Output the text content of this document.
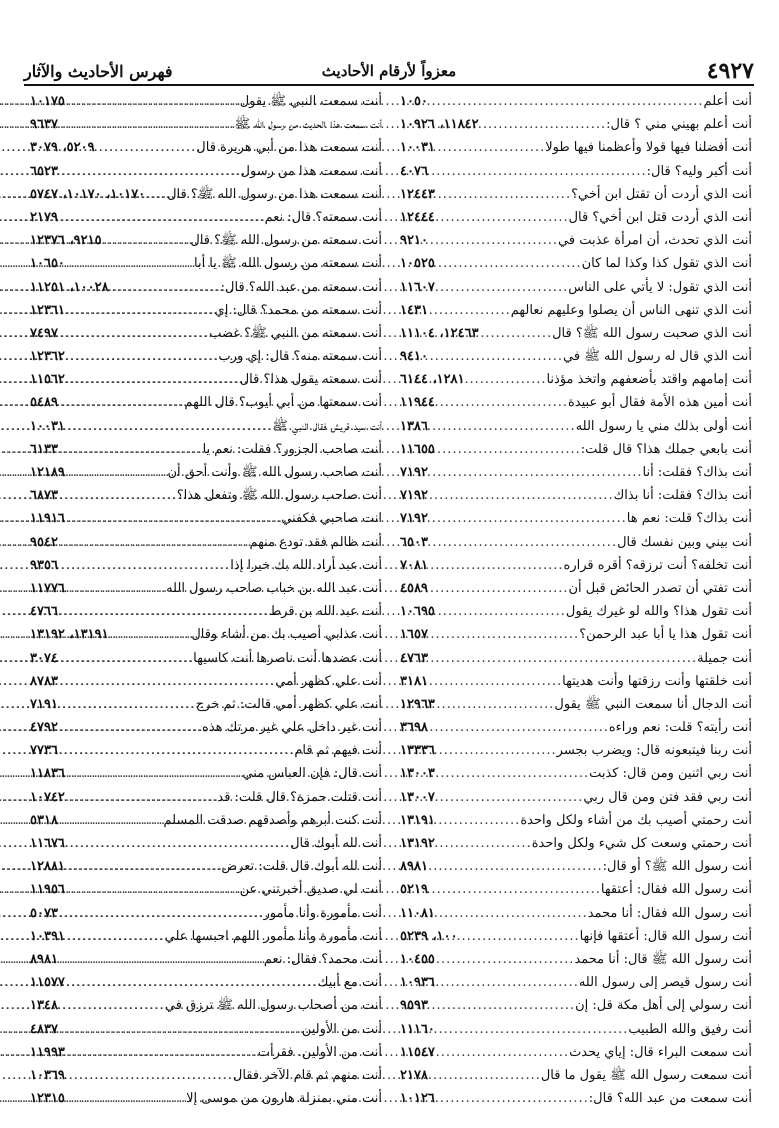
٤٩٢٧
معزواً لأرقام الأحاديث
فهرس الأحاديث والآثار
أنت أعلم
.....
١٠٥٠
أنت أعلم بهيني مني ؟ قال:
.....
١١٨٤٢، ١٠٩٢٦
أنت أفضلنا فيها قولا وأعظمنا فيها طولا
.....
١٠٠٣١
أنت أكبر وليه؟ قال:
.....
٤٠٧٦
أنت الذي أردت أن تقتل ابن أخي؟
.....
١٢٤٤٣
أنت الذي أردت قتل ابن أخي؟ قال
.....
١٢٤٤٤
أنت الذي تحدث، أن امرأة عذبت في
.....
٩٢١٠
أنت الذي تقول كذا وكذا لما كان
.....
١٠٥٢٥
أنت الذي تقول: لا يأتي على الناس
.....
١١٦٠٧
أنت الذي تنهى الناس أن يصلوا وعليهم نعالهم
.....
١٤٣١
أنت الذي صحبت رسول الله ﷺ؟ قال
.....
١٢٤٦٣، ١١١٠٤
أنت الذي قال له رسول الله ﷺ في
.....
٩٤١٠
أنت إمامهم واقتد بأضعفهم واتخذ مؤذنا
.....
١٢٨١، ٦١٤٤
أنت أمين هذه الأمة فقال أبو عبيدة
.....
١١٩٤٤
أنت أولى بذلك مني يا رسول الله
.....
١٣٨٦
أنت بابعي جملك هذا؟ قال قلت:
.....
١١٦٥٥
أنت بذاك؟ فقلت: أنا
.....
٧١٩٢
أنت بذاك؟ فقلت: أنا بذاك
.....
٧١٩٢
أنت بذاك؟ قلت: نعم ها
.....
٧١٩٢
أنت بيني وبين نفسك قال
.....
٦٥٠٣
أنت تخلفه؟ أنت ترزقه؟ أقره قراره
.....
٧٠٨١
أنت تفتي أن تصدر الحائض قبل أن
.....
٤٥٨٩
أنت تقول هذا؟ والله لو غيرك يقول
.....
١٠٦٩٥
أنت تقول هذا يا أبا عبد الرحمن؟
.....
١٦٥٧
أنت جميلة
.....
٤٧٦٣
أنت خلقتها وأنت رزقتها وأنت هديتها
.....
٣١٨١
أنت الدجال أنا سمعت النبي ﷺ يقول
.....
١٢٩٦٣
أنت رأيته؟ قلت: نعم وراءه
.....
٣٦٩٨
أنت ربنا فيتبعونه قال: ويضرب بجسر
.....
١٣٣٣٦
أنت ربي اثنين ومن قال: كذبت
.....
١٣٠٠٣
أنت ربي فقد فتن ومن قال ربي
.....
١٣٠٠٧
أنت رحمتي أصيب بك من أشاء ولكل واحدة
.....
١٣١٩١
أنت رحمتي وسعت كل شيء ولكل واحدة
.....
١٣١٩٢
أنت رسول الله ﷺ؟ أو قال:
.....
٨٩٨١
أنت رسول الله فقال: أعتقها
.....
٥٢١٩
أنت رسول الله فقال: أنا محمد
.....
١١٠٨١
أنت رسول الله قال: أعتقها فإنها
.....
١٠٠، ٥٢٣٩
أنت رسول الله ﷺ قال: أنا محمد
.....
١٠٤٥٥
أنت رسول قيصر إلى رسول الله
.....
١٠٩٣٦
أنت رسولي إلى أهل مكة قل: إن
.....
٩٥٩٣
أنت رفيق والله الطبيب
.....
١١١٦٠
أنت سمعت البراء قال: إياي يحدث
.....
١١٥٤٧
أنت سمعت رسول الله ﷺ يقول ما قال
.....
٢١٧٨
أنت سمعت من عبد الله؟ قال:
.....
١٠١٢٦
أنت سمعت النبي ﷺ يقول
.....
١٠١٧٥
أنت سمعت هذا الحديث من رسول الله ﷺ
.....
٩٦٣٧
أنت سمعت هذا من أبي هريرة قال
.....
٥٢٠٩، ٣٠٧٩
أنت سمعت هذا من رسول
.....
٦٥٢٣
أنت سمعت هذا من رسول الله ﷺ؟ قال
.....
١٠١٧٠، ١٠١٧٠، ٥٧٤٧
أنت سمعته؟ قال: نعم
.....
٢١٧٩
أنت سمعته من رسول الله ﷺ؟ قال
.....
٩٢١٥، ١٢٣٧٦
أنت سمعته من رسول الله ﷺ يا أبا
.....
١٠٦٥٠
أنت سمعته من عبد الله؟ قال:
.....
١٠٠٢٨، ١١٢٥١
أنت سمعته من محمد؟ قال: إي
.....
١٢٣٦١
أنت سمعته من النبي ﷺ؟ غضب
.....
٧٤٩٧
أنت سمعته منه؟ قال: إي ورب
.....
١٢٣٦٢
أنت سمعته يقول هذا؟ قال
.....
١١٥٦٢
أنت سمعتها من أبي أيوب؟ قال اللهم
.....
٥٤٨٩
أنت سيد قريش فقال النبي ﷺ
.....
١٠٠٣١
أنت صاحب الجزور؟ فقلت: نعم يا
.....
٦١٣٣
أنت صاحب رسول الله ﷺ وأنت أحق أن
.....
١٢١٨٩
أنت صاحب رسول الله ﷺ وتفعل هذا؟
.....
٦٨٧٣
انت صاحبي فكفني
.....
١١٩١٦
أنت ظالم فقد تودع منهم
.....
٩٥٤٢
أنت عبد أراد الله بك خيرا إذا
.....
٩٣٥٦
أنت عبد الله بن خباب صاحب رسول الله
.....
١١٧٧٦
أنت عبد الله بن قرط
.....
٤٧٦٦
أنت عذابي أصيب بك من أشاء وقال
.....
١٣١٩١، ١٣١٩٢
أنت عضدها أنت ناصرها أنت كاسيها
.....
٣٠٧٤
أنت علي كظهر أمي
.....
٨٧٨٣
أنت علي كظهر أمي قالت: ثم خرج
.....
٧١٩١
أنت غير داخل علي غير مرتك هذه
.....
٤٧٩٢
أنت فيهم ثم قام
.....
٧٧٣٦
أنت قال: فإن العباس مني
.....
١١٨٣٦
أنت قتلت حمزة؟ قال قلت: قد
.....
١٠٧٤٢
أنت كنت أبرهم وأصدقهم صدقت المسلم
.....
٥٣١٨
أنت لله أبوك قال
.....
١١٦٧٦
أنت لله أبوك قال قلت: تعرض
.....
١٢٨٨١
أنت لي صديق أخبرتني عن
.....
١١٩٥٦
أنت مأمورة وأنا مأمور
.....
٥٠٧٣
أنت مأمورة وأنا مأمور اللهم احبسها علي
.....
١٠٣٩١
أنت محمد؟ فقال: نعم
.....
٨٩٨١
أنت مع أبيك
.....
١١٥٧٧
أنت من أصحاب رسول الله ﷺ ترزق في
.....
١٣٤٨
أنت من الأولين
.....
٤٨٣٧
أنت من الأولين. فقرأت
.....
١١٩٩٣
أنت منهم ثم قام الآخر فقال
.....
١٠٣٦٩
أنت مني بمنزلة هارون من موسى إلا
.....
١٢٣١٥
